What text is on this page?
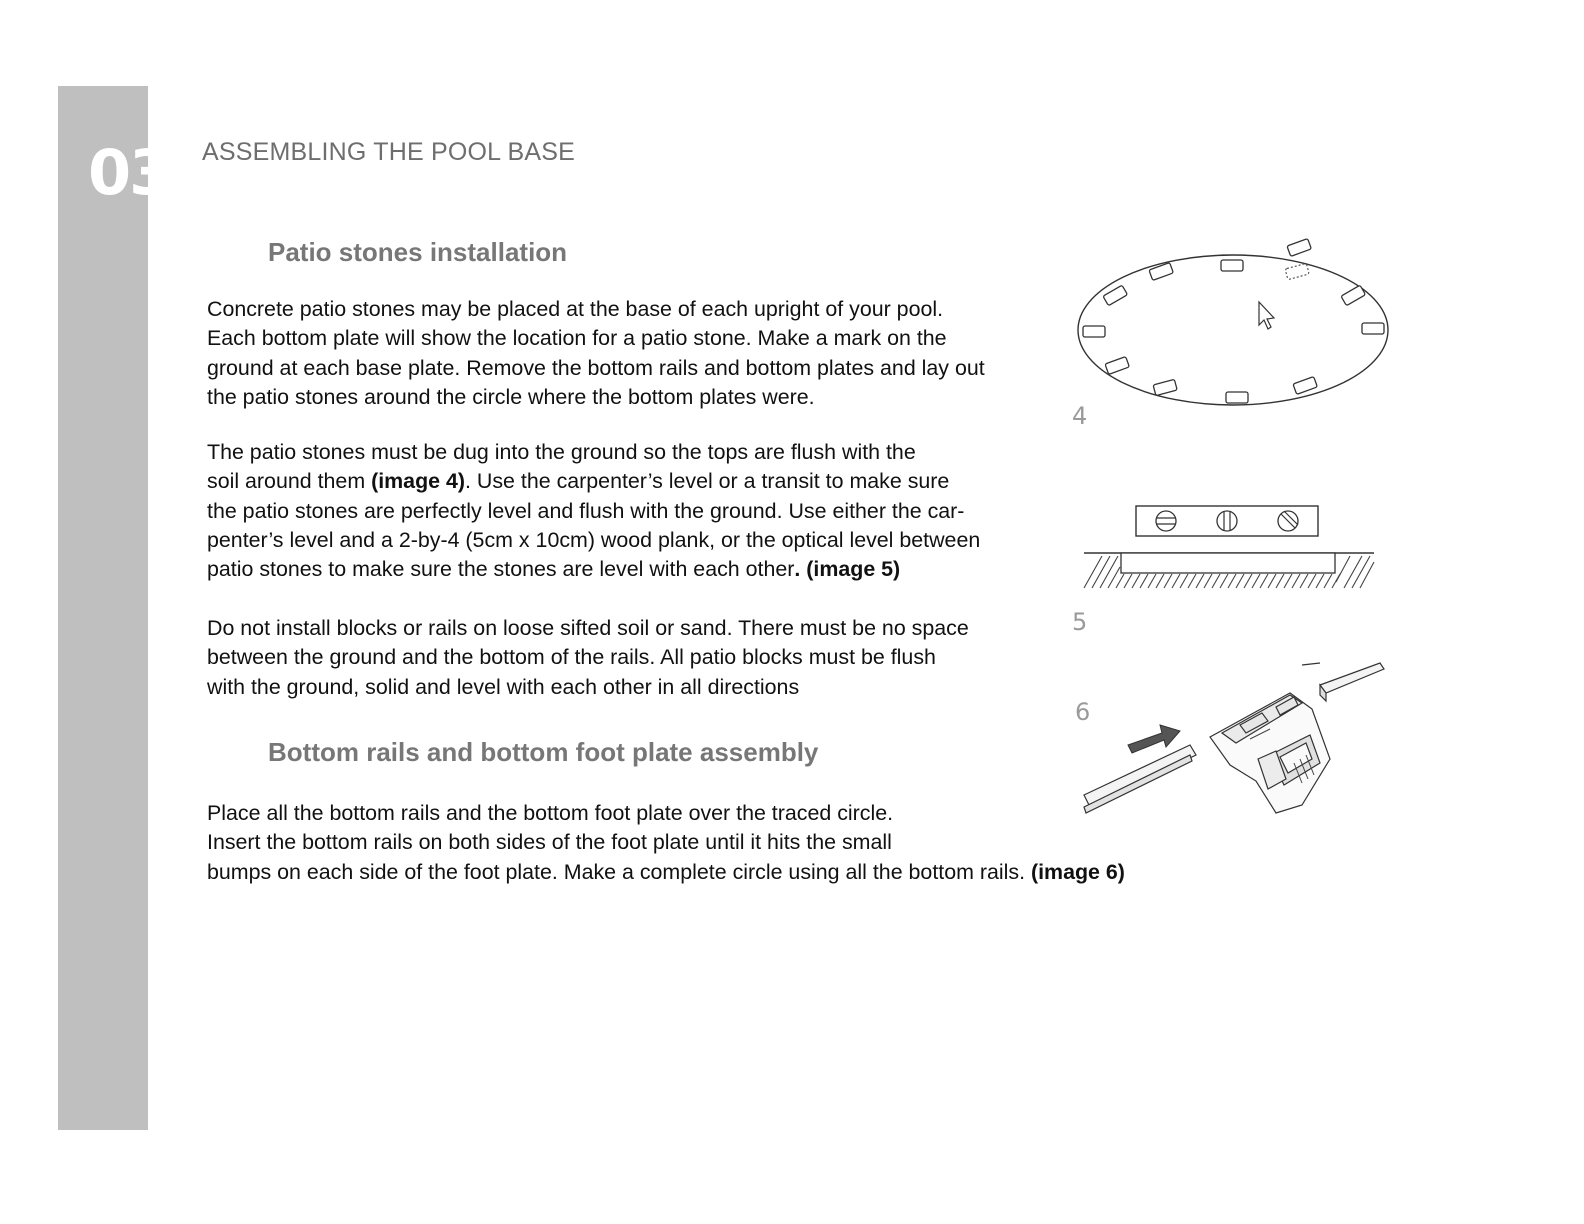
03 ASSEMBLING THE POOL BASE
Patio stones installation
Concrete patio stones may be placed at the base of each upright of your pool.
Each bottom plate will show the location for a patio stone. Make a mark on the
ground at each base plate. Remove the bottom rails and bottom plates and lay out
the patio stones around the circle where the bottom plates were.
The patio stones must be dug into the ground so the tops are flush with the
soil around them (image 4). Use the carpenter’s level or a transit to make sure
the patio stones are perfectly level and flush with the ground. Use either the car-
penter’s level and a 2-by-4 (5cm x 10cm) wood plank, or the optical level between
patio stones to make sure the stones are level with each other. (image 5)
Do not install blocks or rails on loose sifted soil or sand. There must be no space
between the ground and the bottom of the rails. All patio blocks must be flush
with the ground, solid and level with each other in all directions
Bottom rails and bottom foot plate assembly
Place all the bottom rails and the bottom foot plate over the traced circle.
Insert the bottom rails on both sides of the foot plate until it hits the small
bumps on each side of the foot plate. Make a complete circle using all the bottom rails. (image 6)
4
5
6
